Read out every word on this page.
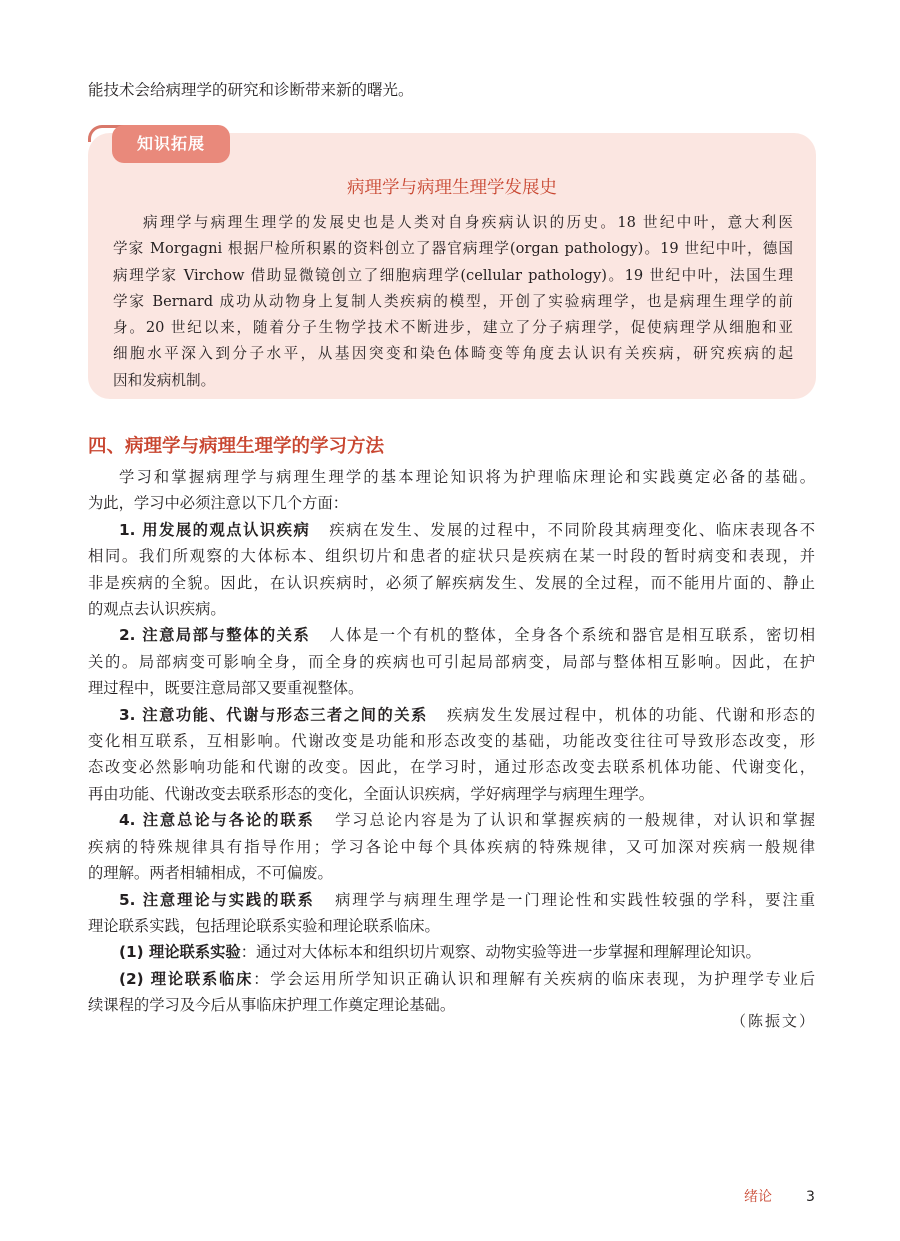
能技术会给病理学的研究和诊断带来新的曙光。
知识拓展
病理学与病理生理学发展史
病理学与病理生理学的发展史也是人类对自身疾病认识的历史。18 世纪中叶，意大利医
学家 Morgagni 根据尸检所积累的资料创立了器官病理学(organ pathology)。19 世纪中叶，德国
病理学家 Virchow 借助显微镜创立了细胞病理学(cellular pathology)。19 世纪中叶，法国生理
学家 Bernard 成功从动物身上复制人类疾病的模型，开创了实验病理学，也是病理生理学的前
身。20 世纪以来，随着分子生物学技术不断进步，建立了分子病理学，促使病理学从细胞和亚
细胞水平深入到分子水平，从基因突变和染色体畸变等角度去认识有关疾病，研究疾病的起
因和发病机制。
四、病理学与病理生理学的学习方法
学习和掌握病理学与病理生理学的基本理论知识将为护理临床理论和实践奠定必备的基础。
为此，学习中必须注意以下几个方面：
1. 用发展的观点认识疾病 疾病在发生、发展的过程中，不同阶段其病理变化、临床表现各不
相同。我们所观察的大体标本、组织切片和患者的症状只是疾病在某一时段的暂时病变和表现，并
非是疾病的全貌。因此，在认识疾病时，必须了解疾病发生、发展的全过程，而不能用片面的、静止
的观点去认识疾病。
2. 注意局部与整体的关系 人体是一个有机的整体，全身各个系统和器官是相互联系，密切相
关的。局部病变可影响全身，而全身的疾病也可引起局部病变，局部与整体相互影响。因此，在护
理过程中，既要注意局部又要重视整体。
3. 注意功能、代谢与形态三者之间的关系 疾病发生发展过程中，机体的功能、代谢和形态的
变化相互联系，互相影响。代谢改变是功能和形态改变的基础，功能改变往往可导致形态改变，形
态改变必然影响功能和代谢的改变。因此，在学习时，通过形态改变去联系机体功能、代谢变化，
再由功能、代谢改变去联系形态的变化，全面认识疾病，学好病理学与病理生理学。
4. 注意总论与各论的联系 学习总论内容是为了认识和掌握疾病的一般规律，对认识和掌握
疾病的特殊规律具有指导作用；学习各论中每个具体疾病的特殊规律，又可加深对疾病一般规律
的理解。两者相辅相成，不可偏废。
5. 注意理论与实践的联系 病理学与病理生理学是一门理论性和实践性较强的学科，要注重
理论联系实践，包括理论联系实验和理论联系临床。
(1) 理论联系实验：通过对大体标本和组织切片观察、动物实验等进一步掌握和理解理论知识。
(2) 理论联系临床：学会运用所学知识正确认识和理解有关疾病的临床表现，为护理学专业后
续课程的学习及今后从事临床护理工作奠定理论基础。
（陈振文）
绪论 3
